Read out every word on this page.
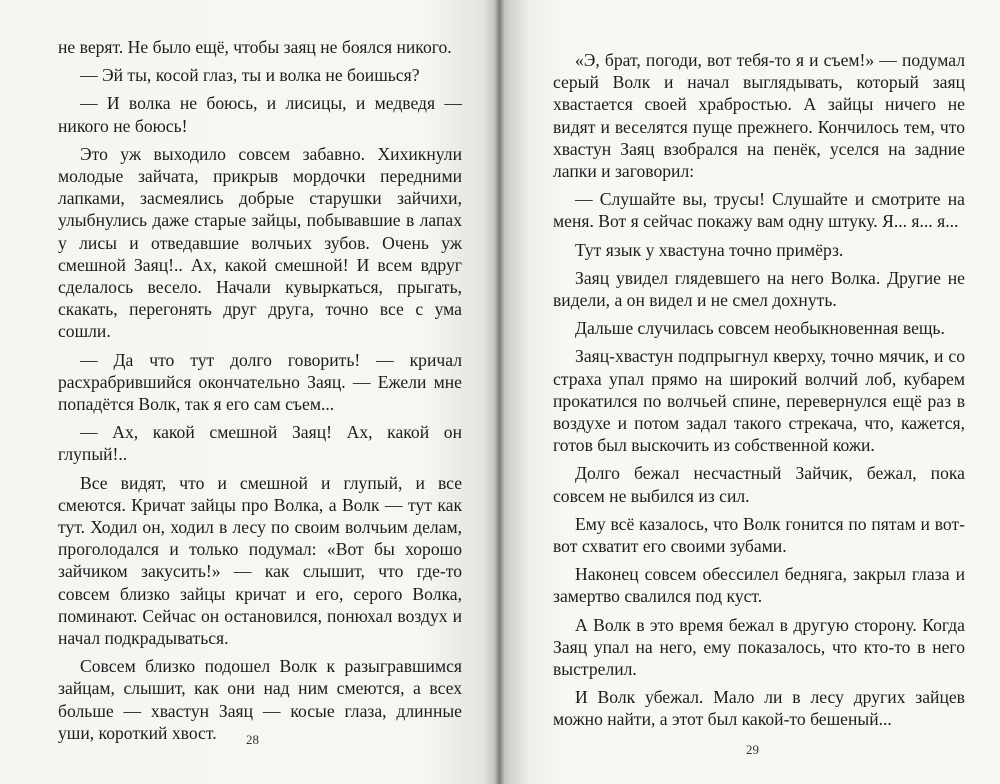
не верят. Не было ещё, чтобы заяц не боялся никого.

— Эй ты, косой глаз, ты и волка не боишься?

— И волка не боюсь, и лисицы, и медведя — никого не боюсь!

Это уж выходило совсем забавно. Хихикнули молодые зайчата, прикрыв мордочки передними лапками, засмеялись добрые старушки зайчихи, улыбнулись даже старые зайцы, побывавшие в лапах у лисы и отведавшие волчьих зубов. Очень уж смешной Заяц!.. Ах, какой смешной! И всем вдруг сделалось весело. Начали кувыркаться, прыгать, скакать, перегонять друг друга, точно все с ума сошли.

— Да что тут долго говорить! — кричал расхрабрившийся окончательно Заяц. — Ежели мне попадётся Волк, так я его сам съем...

— Ах, какой смешной Заяц! Ах, какой он глупый!..

Все видят, что и смешной и глупый, и все смеются. Кричат зайцы про Волка, а Волк — тут как тут. Ходил он, ходил в лесу по своим волчьим делам, проголодался и только подумал: «Вот бы хорошо зайчиком закусить!» — как слышит, что где-то совсем близко зайцы кричат и его, серого Волка, поминают. Сейчас он остановился, понюхал воздух и начал подкрадываться.

Совсем близко подошел Волк к разыгравшимся зайцам, слышит, как они над ним смеются, а всех больше — хвастун Заяц — косые глаза, длинные уши, короткий хвост.	28

«Э, брат, погоди, вот тебя-то я и съем!» — подумал серый Волк и начал выглядывать, который заяц хвастается своей храбростью. А зайцы ничего не видят и веселятся пуще прежнего. Кончилось тем, что хвастун Заяц взобрался на пенёк, уселся на задние лапки и заговорил:

— Слушайте вы, трусы! Слушайте и смотрите на меня. Вот я сейчас покажу вам одну штуку. Я... я... я...

Тут язык у хвастуна точно примёрз.

Заяц увидел глядевшего на него Волка. Другие не видели, а он видел и не смел дохнуть.

Дальше случилась совсем необыкновенная вещь.

Заяц-хвастун подпрыгнул кверху, точно мячик, и со страха упал прямо на широкий волчий лоб, кубарем прокатился по волчьей спине, перевернулся ещё раз в воздухе и потом задал такого стрекача, что, кажется, готов был выскочить из собственной кожи.

Долго бежал несчастный Зайчик, бежал, пока совсем не выбился из сил.

Ему всё казалось, что Волк гонится по пятам и вот-вот схватит его своими зубами.

Наконец совсем обессилел бедняга, закрыл глаза и замертво свалился под куст.

А Волк в это время бежал в другую сторону. Когда Заяц упал на него, ему показалось, что кто-то в него выстрелил.

И Волк убежал. Мало ли в лесу других зайцев можно найти, а этот был какой-то бешеный...

29
